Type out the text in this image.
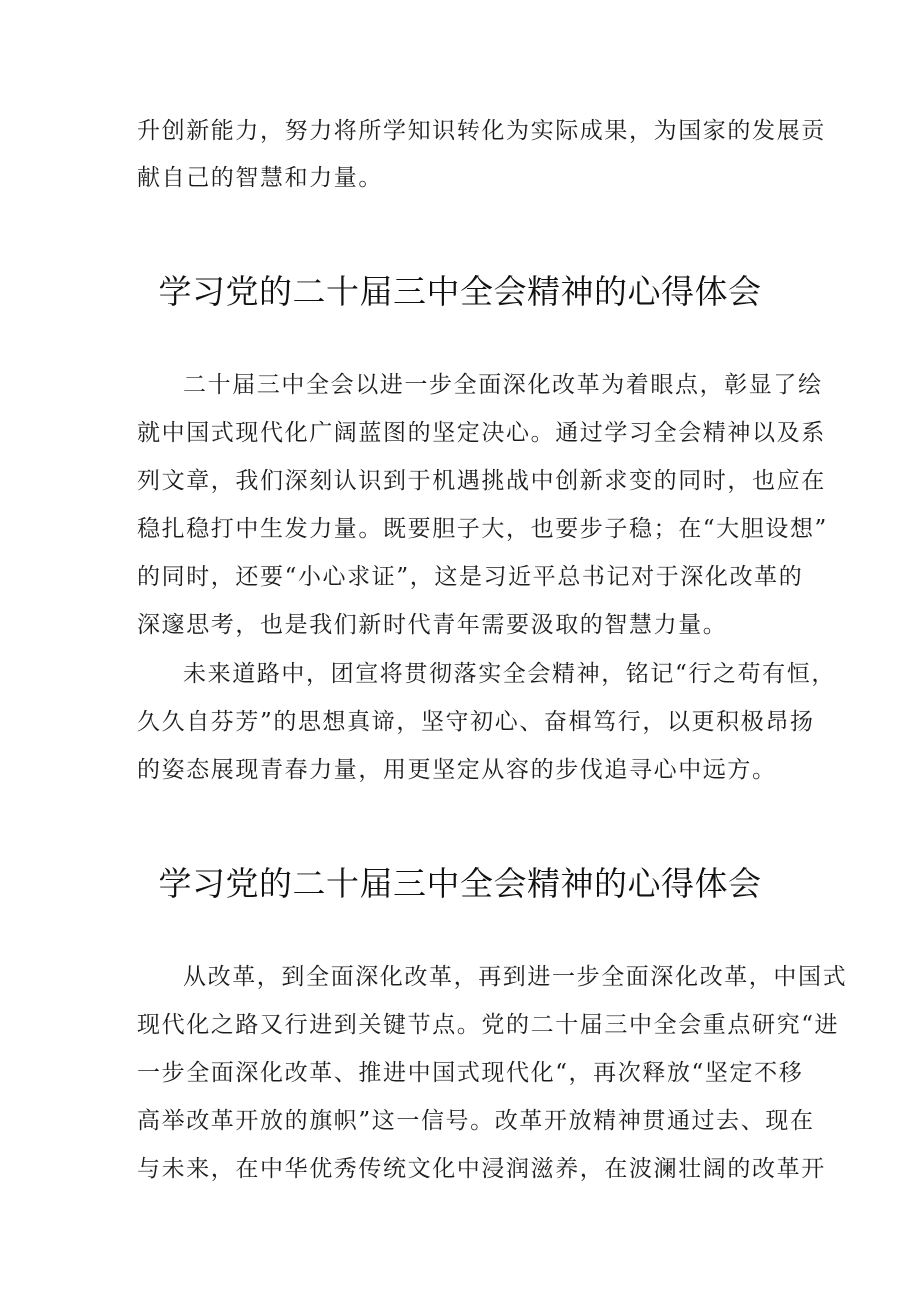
升创新能力，努力将所学知识转化为实际成果，为国家的发展贡
献自己的智慧和力量。
学习党的二十届三中全会精神的心得体会
二十届三中全会以进一步全面深化改革为着眼点，彰显了绘
就中国式现代化广阔蓝图的坚定决心。通过学习全会精神以及系
列文章，我们深刻认识到于机遇挑战中创新求变的同时，也应在
稳扎稳打中生发力量。既要胆子大，也要步子稳；在“大胆设想”
的同时，还要“小心求证”，这是习近平总书记对于深化改革的
深邃思考，也是我们新时代青年需要汲取的智慧力量。
未来道路中，团宣将贯彻落实全会精神，铭记“行之苟有恒，
久久自芬芳”的思想真谛，坚守初心、奋楫笃行，以更积极昂扬
的姿态展现青春力量，用更坚定从容的步伐追寻心中远方。
学习党的二十届三中全会精神的心得体会
从改革，到全面深化改革，再到进一步全面深化改革，中国式
现代化之路又行进到关键节点。党的二十届三中全会重点研究“进
一步全面深化改革、推进中国式现代化“，再次释放“坚定不移
高举改革开放的旗帜”这一信号。改革开放精神贯通过去、现在
与未来，在中华优秀传统文化中浸润滋养，在波澜壮阔的改革开
